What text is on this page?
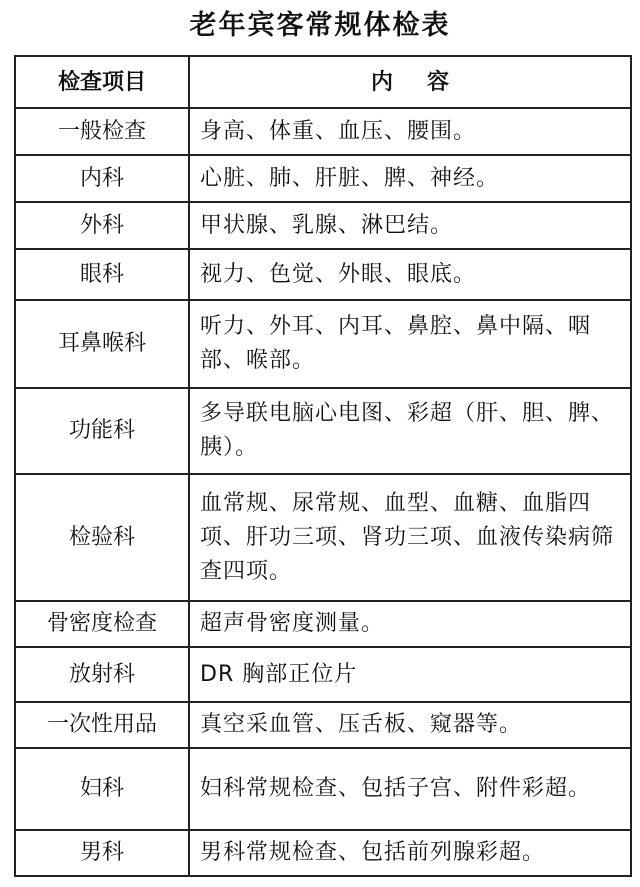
老年宾客常规体检表
检查项目	内容
一般检查	身高、体重、血压、腰围。
内科	心脏、肺、肝脏、脾、神经。
外科	甲状腺、乳腺、淋巴结。
眼科	视力、色觉、外眼、眼底。
耳鼻喉科	听力、外耳、内耳、鼻腔、鼻中隔、咽部、喉部。
功能科	多导联电脑心电图、彩超（肝、胆、脾、胰）。
检验科	血常规、尿常规、血型、血糖、血脂四项、肝功三项、肾功三项、血液传染病筛查四项。
骨密度检查	超声骨密度测量。
放射科	DR 胸部正位片
一次性用品	真空采血管、压舌板、窥器等。
妇科	妇科常规检查、包括子宫、附件彩超。
男科	男科常规检查、包括前列腺彩超。
